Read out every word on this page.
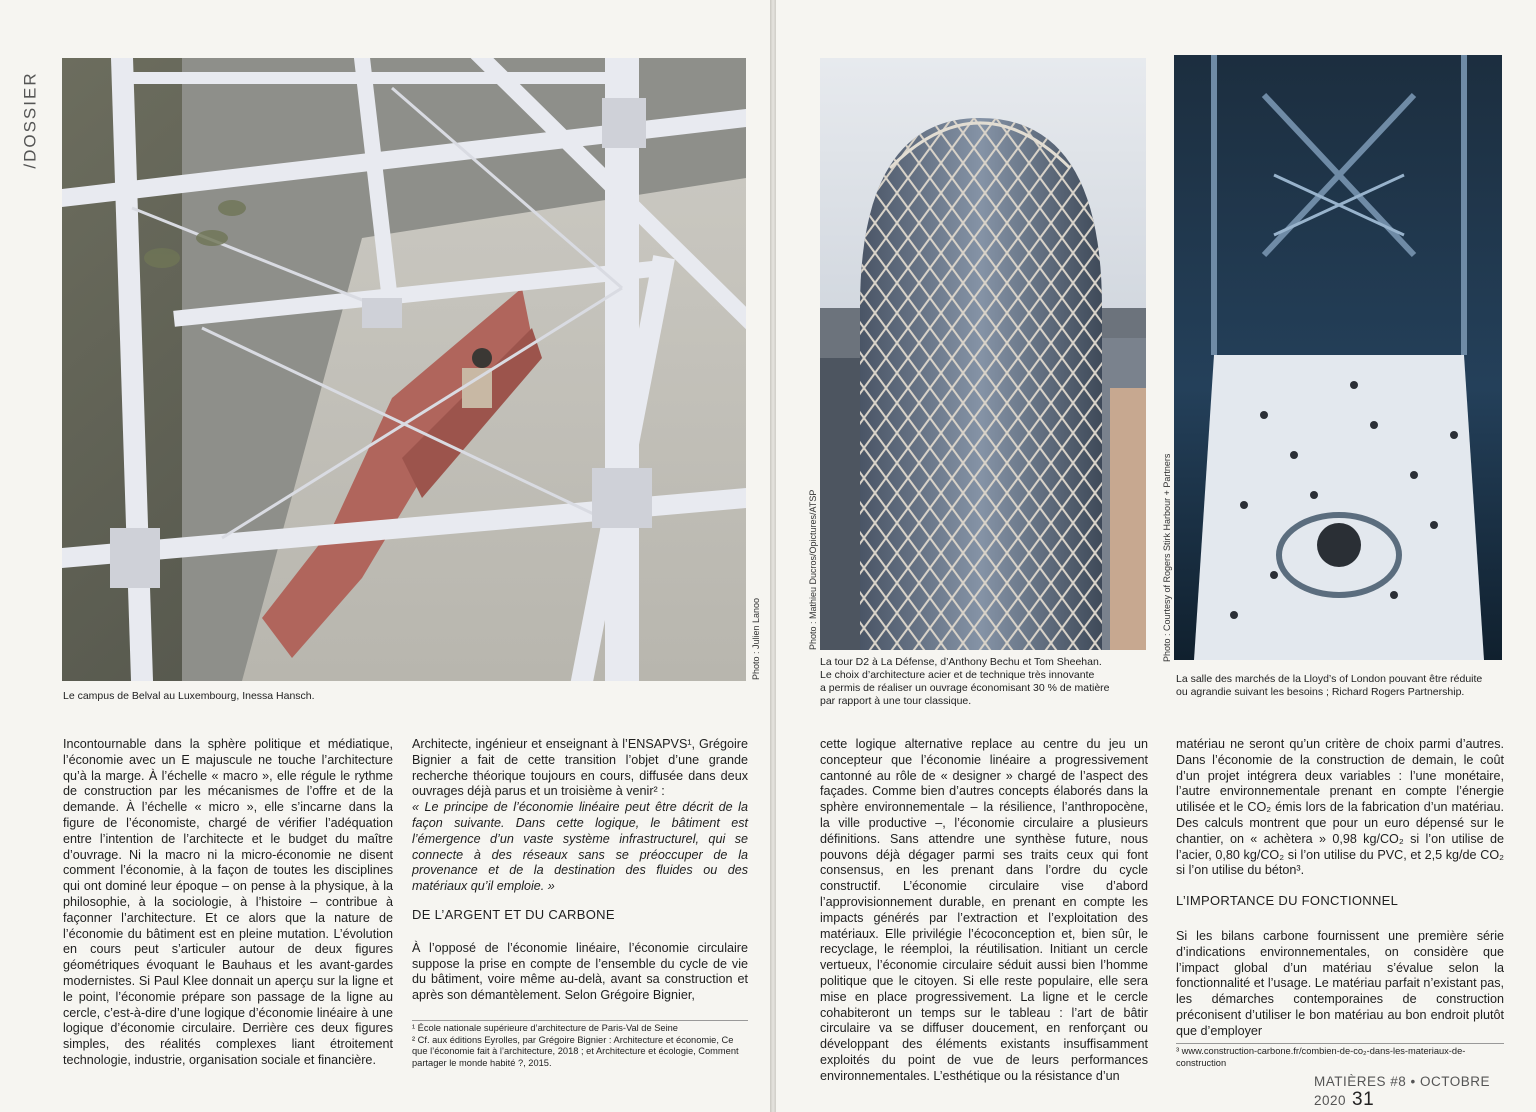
/DOSSIER
Photo : Julien Lanoo
Le campus de Belval au Luxembourg, Inessa Hansch.
Photo : Mathieu Ducros/Opictures/ATSP
La tour D2 à La Défense, d’Anthony Bechu et Tom Sheehan.
Le choix d’architecture acier et de technique très innovante
a permis de réaliser un ouvrage économisant 30 % de matière
par rapport à une tour classique.
Photo : Courtesy of Rogers Stirk Harbour + Partners
La salle des marchés de la Lloyd’s of London pouvant être réduite
ou agrandie suivant les besoins ; Richard Rogers Partnership.

Incontournable dans la sphère politique et médiatique, l’économie avec un E majuscule ne touche l’architecture qu’à la marge. À l’échelle « macro », elle régule le rythme de construction par les mécanismes de l’offre et de la demande. À l’échelle « micro », elle s’incarne dans la figure de l’économiste, chargé de vérifier l’adéquation entre l’intention de l’architecte et le budget du maître d’ouvrage. Ni la macro ni la micro-économie ne disent comment l’économie, à la façon de toutes les disciplines qui ont dominé leur époque – on pense à la physique, à la philosophie, à la sociologie, à l’histoire – contribue à façonner l’architecture. Et ce alors que la nature de l’économie du bâtiment est en pleine mutation. L’évolution en cours peut s’articuler autour de deux figures géométriques évoquant le Bauhaus et les avant-gardes modernistes. Si Paul Klee donnait un aperçu sur la ligne et le point, l’économie prépare son passage de la ligne au cercle, c’est-à-dire d’une logique d’économie linéaire à une logique d’économie circulaire. Derrière ces deux figures simples, des réalités complexes liant étroitement technologie, industrie, organisation sociale et financière.

Architecte, ingénieur et enseignant à l’ENSAPVS¹, Grégoire Bignier a fait de cette transition l’objet d’une grande recherche théorique toujours en cours, diffusée dans deux ouvrages déjà parus et un troisième à venir² :

« Le principe de l’économie linéaire peut être décrit de la façon suivante. Dans cette logique, le bâtiment est l’émergence d’un vaste système infrastructurel, qui se connecte à des réseaux sans se préoccuper de la provenance et de la destination des fluides ou des matériaux qu’il emploie. »

DE L’ARGENT ET DU CARBONE

À l’opposé de l’économie linéaire, l’économie circulaire suppose la prise en compte de l’ensemble du cycle de vie du bâtiment, voire même au-delà, avant sa construction et après son démantèlement. Selon Grégoire Bignier,

¹ École nationale supérieure d’architecture de Paris-Val de Seine
² Cf. aux éditions Eyrolles, par Grégoire Bignier : Architecture et économie, Ce que l’économie fait à l’architecture, 2018 ; et Architecture et écologie, Comment partager le monde habité ?, 2015.

cette logique alternative replace au centre du jeu un concepteur que l’économie linéaire a progressivement cantonné au rôle de « designer » chargé de l’aspect des façades. Comme bien d’autres concepts élaborés dans la sphère environnementale – la résilience, l’anthropocène, la ville productive –, l’économie circulaire a plusieurs définitions. Sans attendre une synthèse future, nous pouvons déjà dégager parmi ses traits ceux qui font consensus, en les prenant dans l’ordre du cycle constructif. L’économie circulaire vise d’abord l’approvisionnement durable, en prenant en compte les impacts générés par l’extraction et l’exploitation des matériaux. Elle privilégie l’écoconception et, bien sûr, le recyclage, le réemploi, la réutilisation. Initiant un cercle vertueux, l’économie circulaire séduit aussi bien l’homme politique que le citoyen. Si elle reste populaire, elle sera mise en place progressivement. La ligne et le cercle cohabiteront un temps sur le tableau : l’art de bâtir circulaire va se diffuser doucement, en renforçant ou développant des éléments existants insuffisamment exploités du point de vue de leurs performances environnementales. L’esthétique ou la résistance d’un

matériau ne seront qu’un critère de choix parmi d’autres. Dans l’économie de la construction de demain, le coût d’un projet intégrera deux variables : l’une monétaire, l’autre environnementale prenant en compte l’énergie utilisée et le CO₂ émis lors de la fabrication d’un matériau. Des calculs montrent que pour un euro dépensé sur le chantier, on « achètera » 0,98 kg/CO₂ si l’on utilise de l’acier, 0,80 kg/CO₂ si l’on utilise du PVC, et 2,5 kg/de CO₂ si l’on utilise du béton³.

L’IMPORTANCE DU FONCTIONNEL

Si les bilans carbone fournissent une première série d’indications environnementales, on considère que l’impact global d’un matériau s’évalue selon la fonctionnalité et l’usage. Le matériau parfait n’existant pas, les démarches contemporaines de construction préconisent d’utiliser le bon matériau au bon endroit plutôt que d’employer

³ www.construction-carbone.fr/combien-de-co₂-dans-les-materiaux-de-construction
MATIÈRES #8 • OCTOBRE 2020 31
